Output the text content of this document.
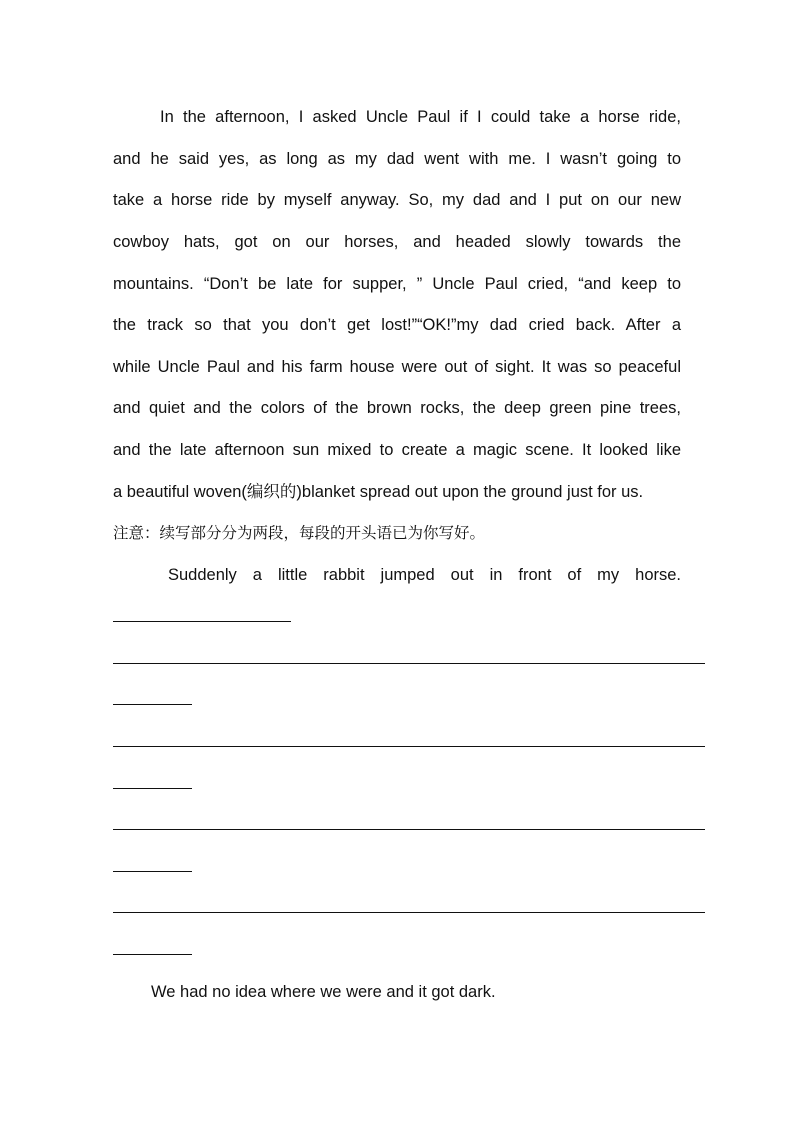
In the afternoon, I asked Uncle Paul if I could take a horse ride,
and he said yes, as long as my dad went with me. I wasn’t going to
take a horse ride by myself anyway. So, my dad and I put on our new
cowboy hats, got on our horses, and headed slowly towards the
mountains. “Don’t be late for supper, ” Uncle Paul cried, “and keep to
the track so that you don’t get lost!”“OK!”my dad cried back. After a
while Uncle Paul and his farm house were out of sight. It was so peaceful
and quiet and the colors of the brown rocks, the deep green pine trees,
and the late afternoon sun mixed to create a magic scene. It looked like
a beautiful woven(编织的)blanket spread out upon the ground just for us.
注意：续写部分分为两段，每段的开头语已为你写好。
Suddenly a little rabbit jumped out in front of my horse.
We had no idea where we were and it got dark.
